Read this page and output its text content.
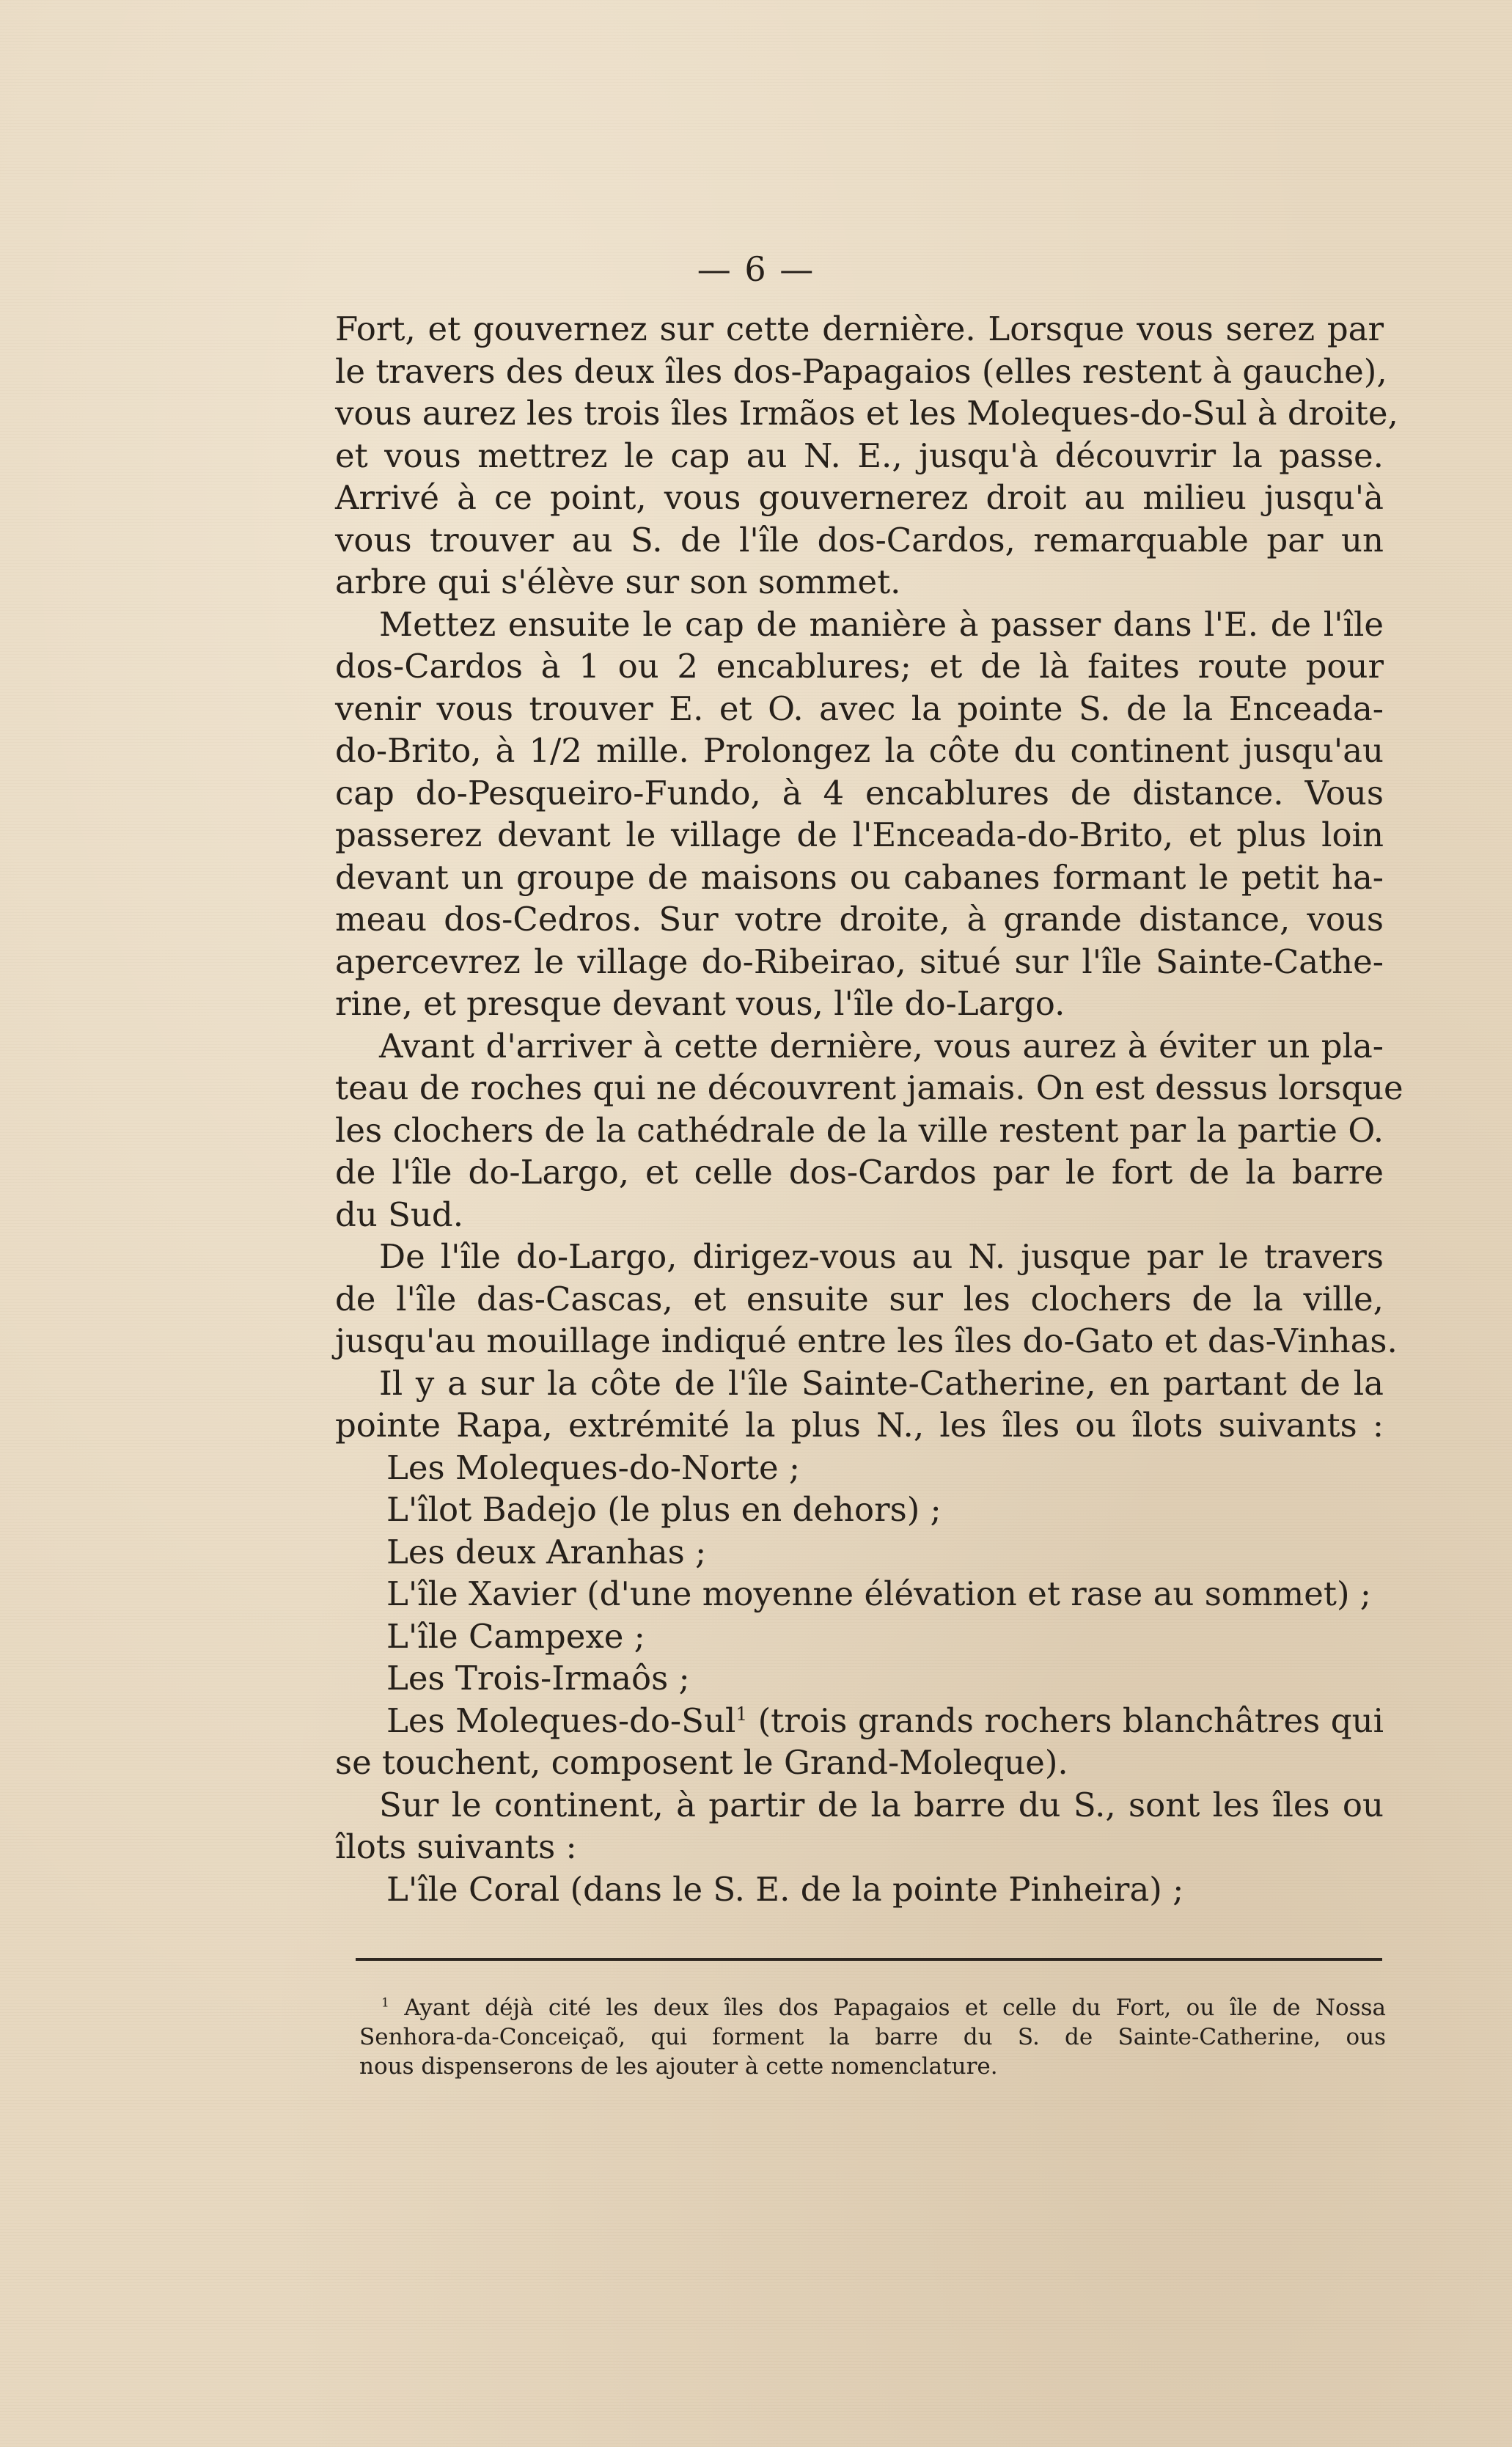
— 6 —
Fort, et gouvernez sur cette dernière. Lorsque vous serez par
le travers des deux îles dos-Papagaios (elles restent à gauche),
vous aurez les trois îles Irmãos et les Moleques-do-Sul à droite,
et vous mettrez le cap au N. E., jusqu'à découvrir la passe.
Arrivé à ce point, vous gouvernerez droit au milieu jusqu'à
vous trouver au S. de l'île dos-Cardos, remarquable par un
arbre qui s'élève sur son sommet.
Mettez ensuite le cap de manière à passer dans l'E. de l'île
dos-Cardos à 1 ou 2 encablures; et de là faites route pour
venir vous trouver E. et O. avec la pointe S. de la Enceada-
do-Brito, à 1/2 mille. Prolongez la côte du continent jusqu'au
cap do-Pesqueiro-Fundo, à 4 encablures de distance. Vous
passerez devant le village de l'Enceada-do-Brito, et plus loin
devant un groupe de maisons ou cabanes formant le petit ha-
meau dos-Cedros. Sur votre droite, à grande distance, vous
apercevrez le village do-Ribeirao, situé sur l'île Sainte-Cathe-
rine, et presque devant vous, l'île do-Largo.
Avant d'arriver à cette dernière, vous aurez à éviter un pla-
teau de roches qui ne découvrent jamais. On est dessus lorsque
les clochers de la cathédrale de la ville restent par la partie O.
de l'île do-Largo, et celle dos-Cardos par le fort de la barre
du Sud.
De l'île do-Largo, dirigez-vous au N. jusque par le travers
de l'île das-Cascas, et ensuite sur les clochers de la ville,
jusqu'au mouillage indiqué entre les îles do-Gato et das-Vinhas.
Il y a sur la côte de l'île Sainte-Catherine, en partant de la
pointe Rapa, extrémité la plus N., les îles ou îlots suivants :
Les Moleques-do-Norte ;
L'îlot Badejo (le plus en dehors) ;
Les deux Aranhas ;
L'île Xavier (d'une moyenne élévation et rase au sommet) ;
L'île Campexe ;
Les Trois-Irmaôs ;
Les Moleques-do-Sul$^1$ (trois grands rochers blanchâtres qui
se touchent, composent le Grand-Moleque).
Sur le continent, à partir de la barre du S., sont les îles ou
îlots suivants :
L'île Coral (dans le S. E. de la pointe Pinheira) ;
$^1$ Ayant déjà cité les deux îles dos Papagaios et celle du Fort, ou île de Nossa
Senhora-da-Conceiçaõ, qui forment la barre du S. de Sainte-Catherine, ous
nous dispenserons de les ajouter à cette nomenclature.
